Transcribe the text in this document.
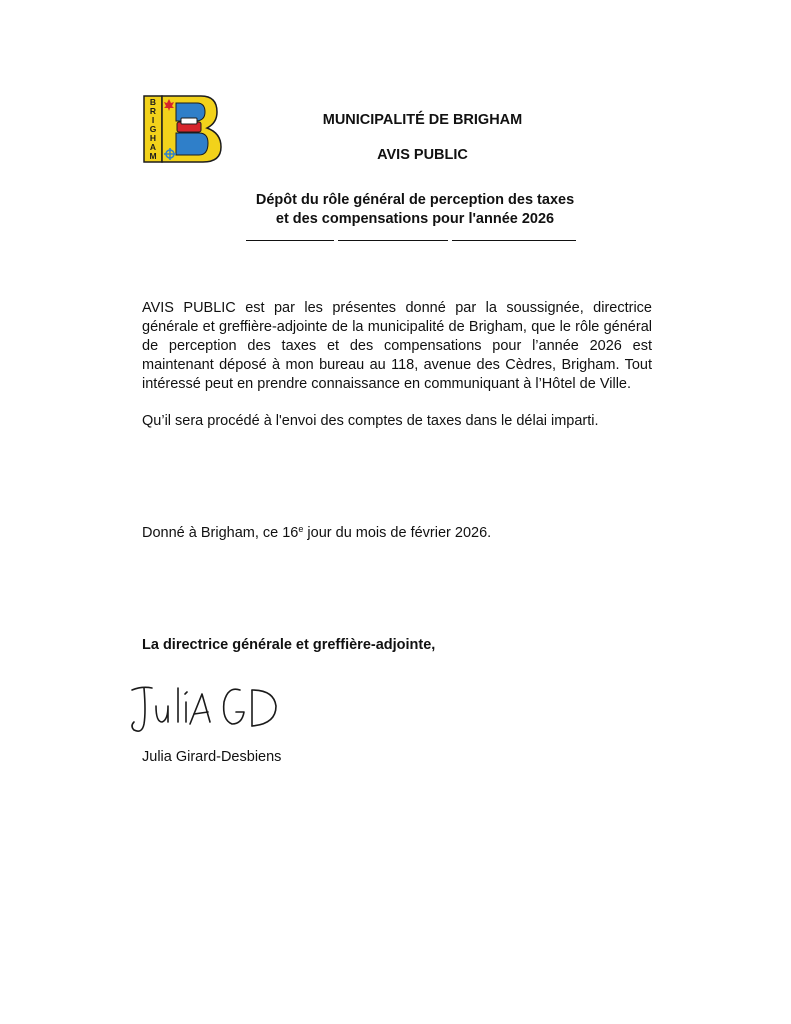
B
R
I
G
H
A
M
MUNICIPALITÉ DE BRIGHAM
AVIS PUBLIC
Dépôt du rôle général de perception des taxes
et des compensations pour l'année 2026

AVIS PUBLIC est par les présentes donné par la soussignée, directrice générale et greffière-adjointe de la municipalité de Brigham, que le rôle général de perception des taxes et des compensations pour l’année 2026 est maintenant déposé à mon bureau au 118, avenue des Cèdres, Brigham. Tout intéressé peut en prendre connaissance en communiquant à l’Hôtel de Ville.

Qu’il sera procédé à l'envoi des comptes de taxes dans le délai imparti.

Donné à Brigham, ce 16e jour du mois de février 2026.

La directrice générale et greffière-adjointe,

Julia Girard-Desbiens
